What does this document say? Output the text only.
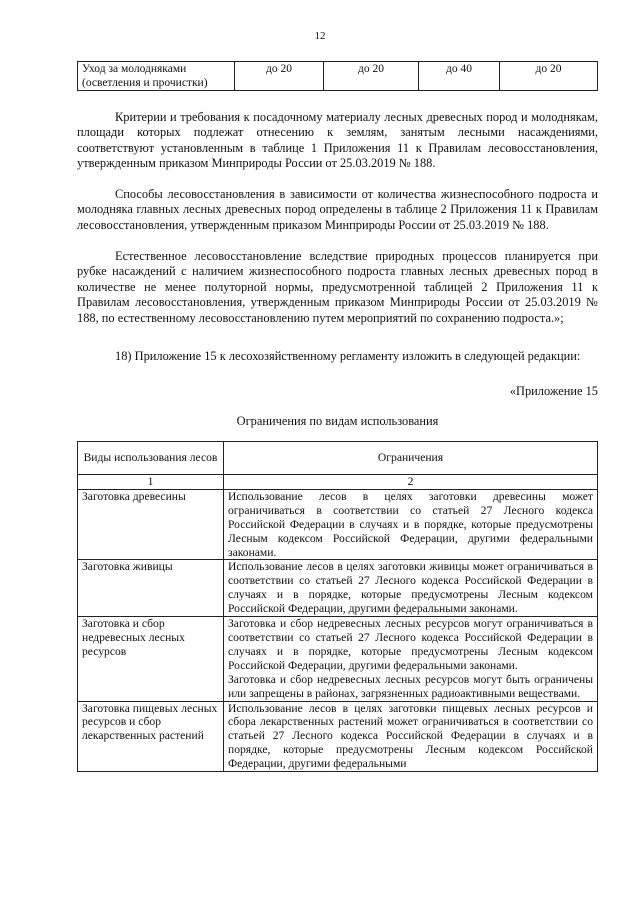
12
Уход за молодняками (осветления и прочистки)	до 20	до 20	до 40	до 20

Критерии и требования к посадочному материалу лесных древесных пород и молоднякам, площади которых подлежат отнесению к землям, занятым лесными насаждениями, соответствуют установленным в таблице 1 Приложения 11 к Правилам лесовосстановления, утвержденным приказом Минприроды России от 25.03.2019 № 188.

Способы лесовосстановления в зависимости от количества жизнеспособного подроста и молодняка главных лесных древесных пород определены в таблице 2 Приложения 11 к Правилам лесовосстановления, утвержденным приказом Минприроды России от 25.03.2019 № 188.

Естественное лесовосстановление вследствие природных процессов планируется при рубке насаждений с наличием жизнеспособного подроста главных лесных древесных пород в количестве не менее полуторной нормы, предусмотренной таблицей 2 Приложения 11 к Правилам лесовосстановления, утвержденным приказом Минприроды России от 25.03.2019 № 188, по естественному лесовосстановлению путем мероприятий по сохранению подроста.»;

18) Приложение 15 к лесохозяйственному регламенту изложить в следующей редакции:

«Приложение 15
Ограничения по видам использования
Виды использования лесов	Ограничения
1	2
Заготовка древесины	Использование лесов в целях заготовки древесины может ограничиваться в соответствии со статьей 27 Лесного кодекса Российской Федерации в случаях и в порядке, которые предусмотрены Лесным кодексом Российской Федерации, другими федеральными законами.

Заготовка живицы	Использование лесов в целях заготовки живицы может ограничиваться в соответствии со статьей 27 Лесного кодекса Российской Федерации в случаях и в порядке, которые предусмотрены Лесным кодексом Российской Федерации, другими федеральными законами.

Заготовка и сбор недревесных лесных ресурсов	Заготовка и сбор недревесных лесных ресурсов могут ограничиваться в соответствии со статьей 27 Лесного кодекса Российской Федерации в случаях и в порядке, которые предусмотрены Лесным кодексом Российской Федерации, другими федеральными законами.

Заготовка и сбор недревесных лесных ресурсов могут быть ограничены или запрещены в районах, загрязненных радиоактивными веществами.

Заготовка пищевых лесных ресурсов и сбор лекарственных растений	Использование лесов в целях заготовки пищевых лесных ресурсов и сбора лекарственных растений может ограничиваться в соответствии со статьей 27 Лесного кодекса Российской Федерации в случаях и в порядке, которые предусмотрены Лесным кодексом Российской Федерации, другими федеральными
